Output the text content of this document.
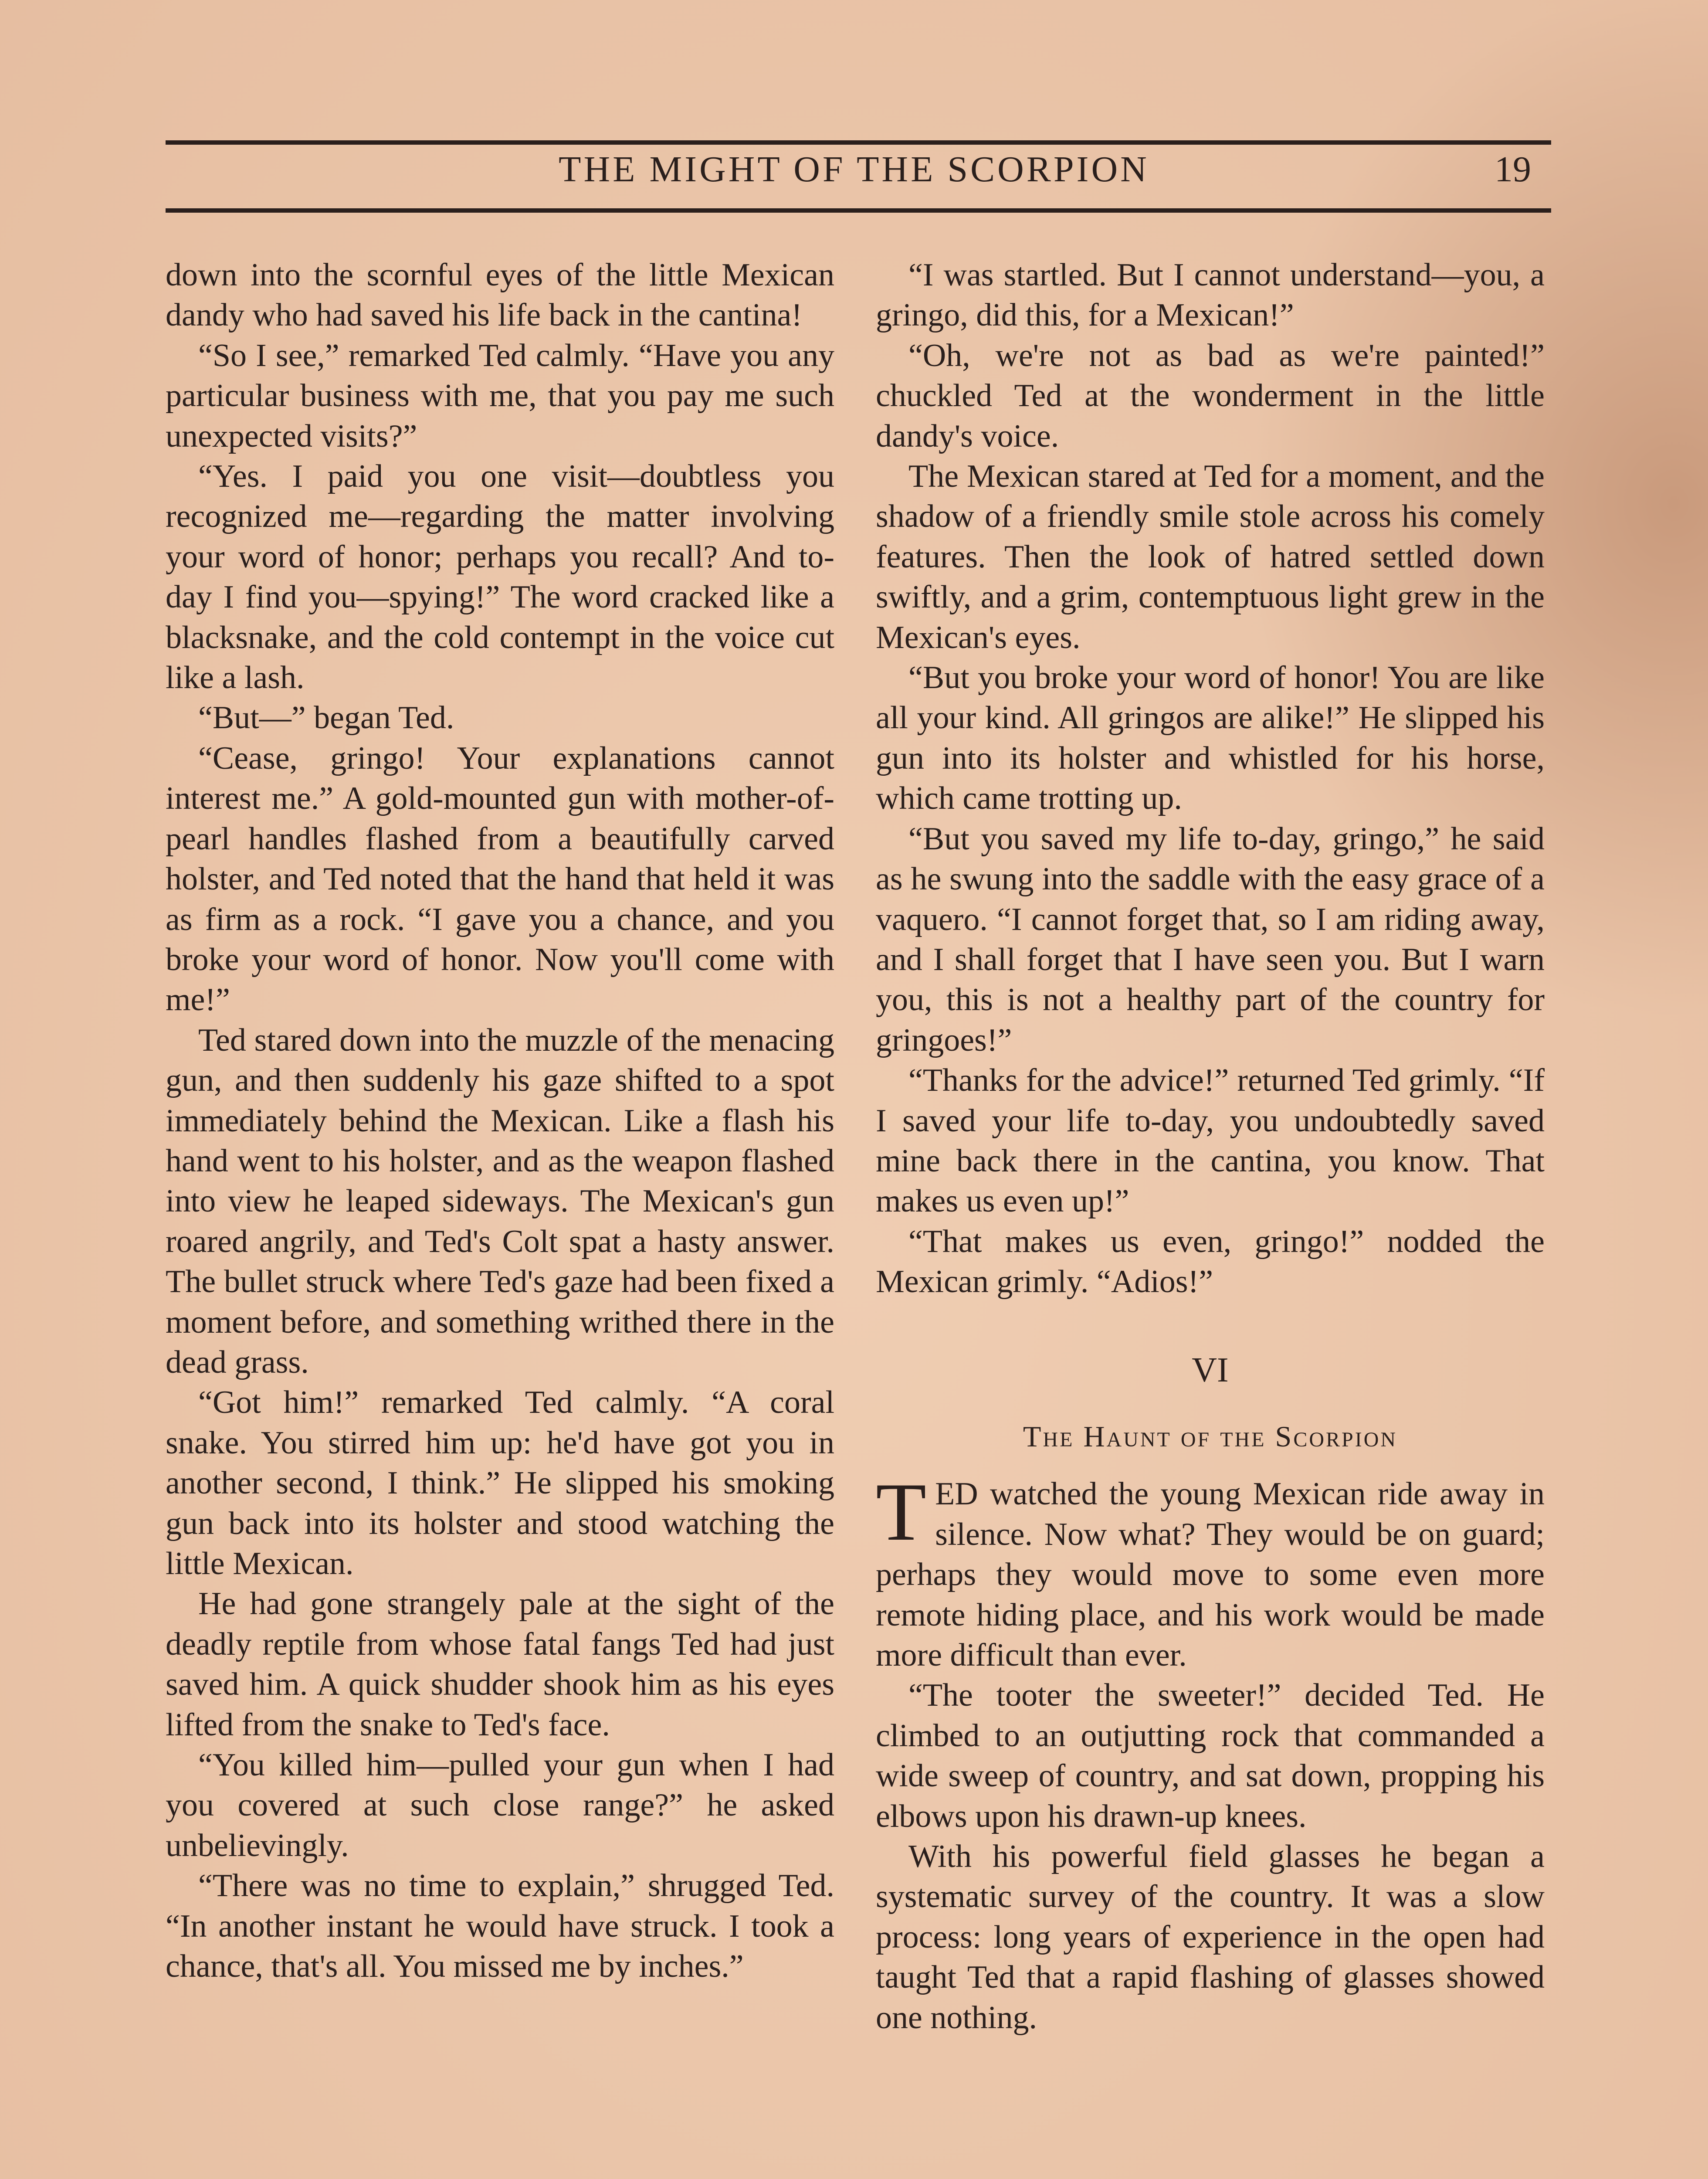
THE MIGHT OF THE SCORPION	19

down into the scornful eyes of the little Mexican dandy who had saved his life back in the cantina!

“So I see,” remarked Ted calmly. “Have you any particular business with me, that you pay me such unexpected visits?”

“Yes. I paid you one visit—doubtless you recognized me—regarding the matter involving your word of honor; perhaps you recall? And to-day I find you—spying!” The word cracked like a blacksnake, and the cold contempt in the voice cut like a lash.

“But—” began Ted.

“Cease, gringo! Your explanations cannot interest me.” A gold-mounted gun with mother-of-pearl handles flashed from a beautifully carved holster, and Ted noted that the hand that held it was as firm as a rock. “I gave you a chance, and you broke your word of honor. Now you'll come with me!”

Ted stared down into the muzzle of the menacing gun, and then suddenly his gaze shifted to a spot immediately behind the Mexican. Like a flash his hand went to his holster, and as the weapon flashed into view he leaped sideways. The Mexican's gun roared angrily, and Ted's Colt spat a hasty answer. The bullet struck where Ted's gaze had been fixed a moment before, and something writhed there in the dead grass.

“Got him!” remarked Ted calmly. “A coral snake. You stirred him up: he'd have got you in another second, I think.” He slipped his smoking gun back into its holster and stood watching the little Mexican.

He had gone strangely pale at the sight of the deadly reptile from whose fatal fangs Ted had just saved him. A quick shudder shook him as his eyes lifted from the snake to Ted's face.

“You killed him—pulled your gun when I had you covered at such close range?” he asked unbelievingly.

“There was no time to explain,” shrugged Ted. “In another instant he would have struck. I took a chance, that's all. You missed me by inches.”

“I was startled. But I cannot understand—you, a gringo, did this, for a Mexican!”

“Oh, we're not as bad as we're painted!” chuckled Ted at the wonderment in the little dandy's voice.

The Mexican stared at Ted for a moment, and the shadow of a friendly smile stole across his comely features. Then the look of hatred settled down swiftly, and a grim, contemptuous light grew in the Mexican's eyes.

“But you broke your word of honor! You are like all your kind. All gringos are alike!” He slipped his gun into its holster and whistled for his horse, which came trotting up.

“But you saved my life to-day, gringo,” he said as he swung into the saddle with the easy grace of a vaquero. “I cannot forget that, so I am riding away, and I shall forget that I have seen you. But I warn you, this is not a healthy part of the country for gringoes!”

“Thanks for the advice!” returned Ted grimly. “If I saved your life to-day, you undoubtedly saved mine back there in the cantina, you know. That makes us even up!”

“That makes us even, gringo!” nodded the Mexican grimly. “Adios!”

VI
The Haunt of the Scorpion

TED watched the young Mexican ride away in silence. Now what? They would be on guard; perhaps they would move to some even more remote hiding place, and his work would be made more difficult than ever.

“The tooter the sweeter!” decided Ted. He climbed to an outjutting rock that commanded a wide sweep of country, and sat down, propping his elbows upon his drawn-up knees.

With his powerful field glasses he began a systematic survey of the country. It was a slow process: long years of experience in the open had taught Ted that a rapid flashing of glasses showed one nothing.
